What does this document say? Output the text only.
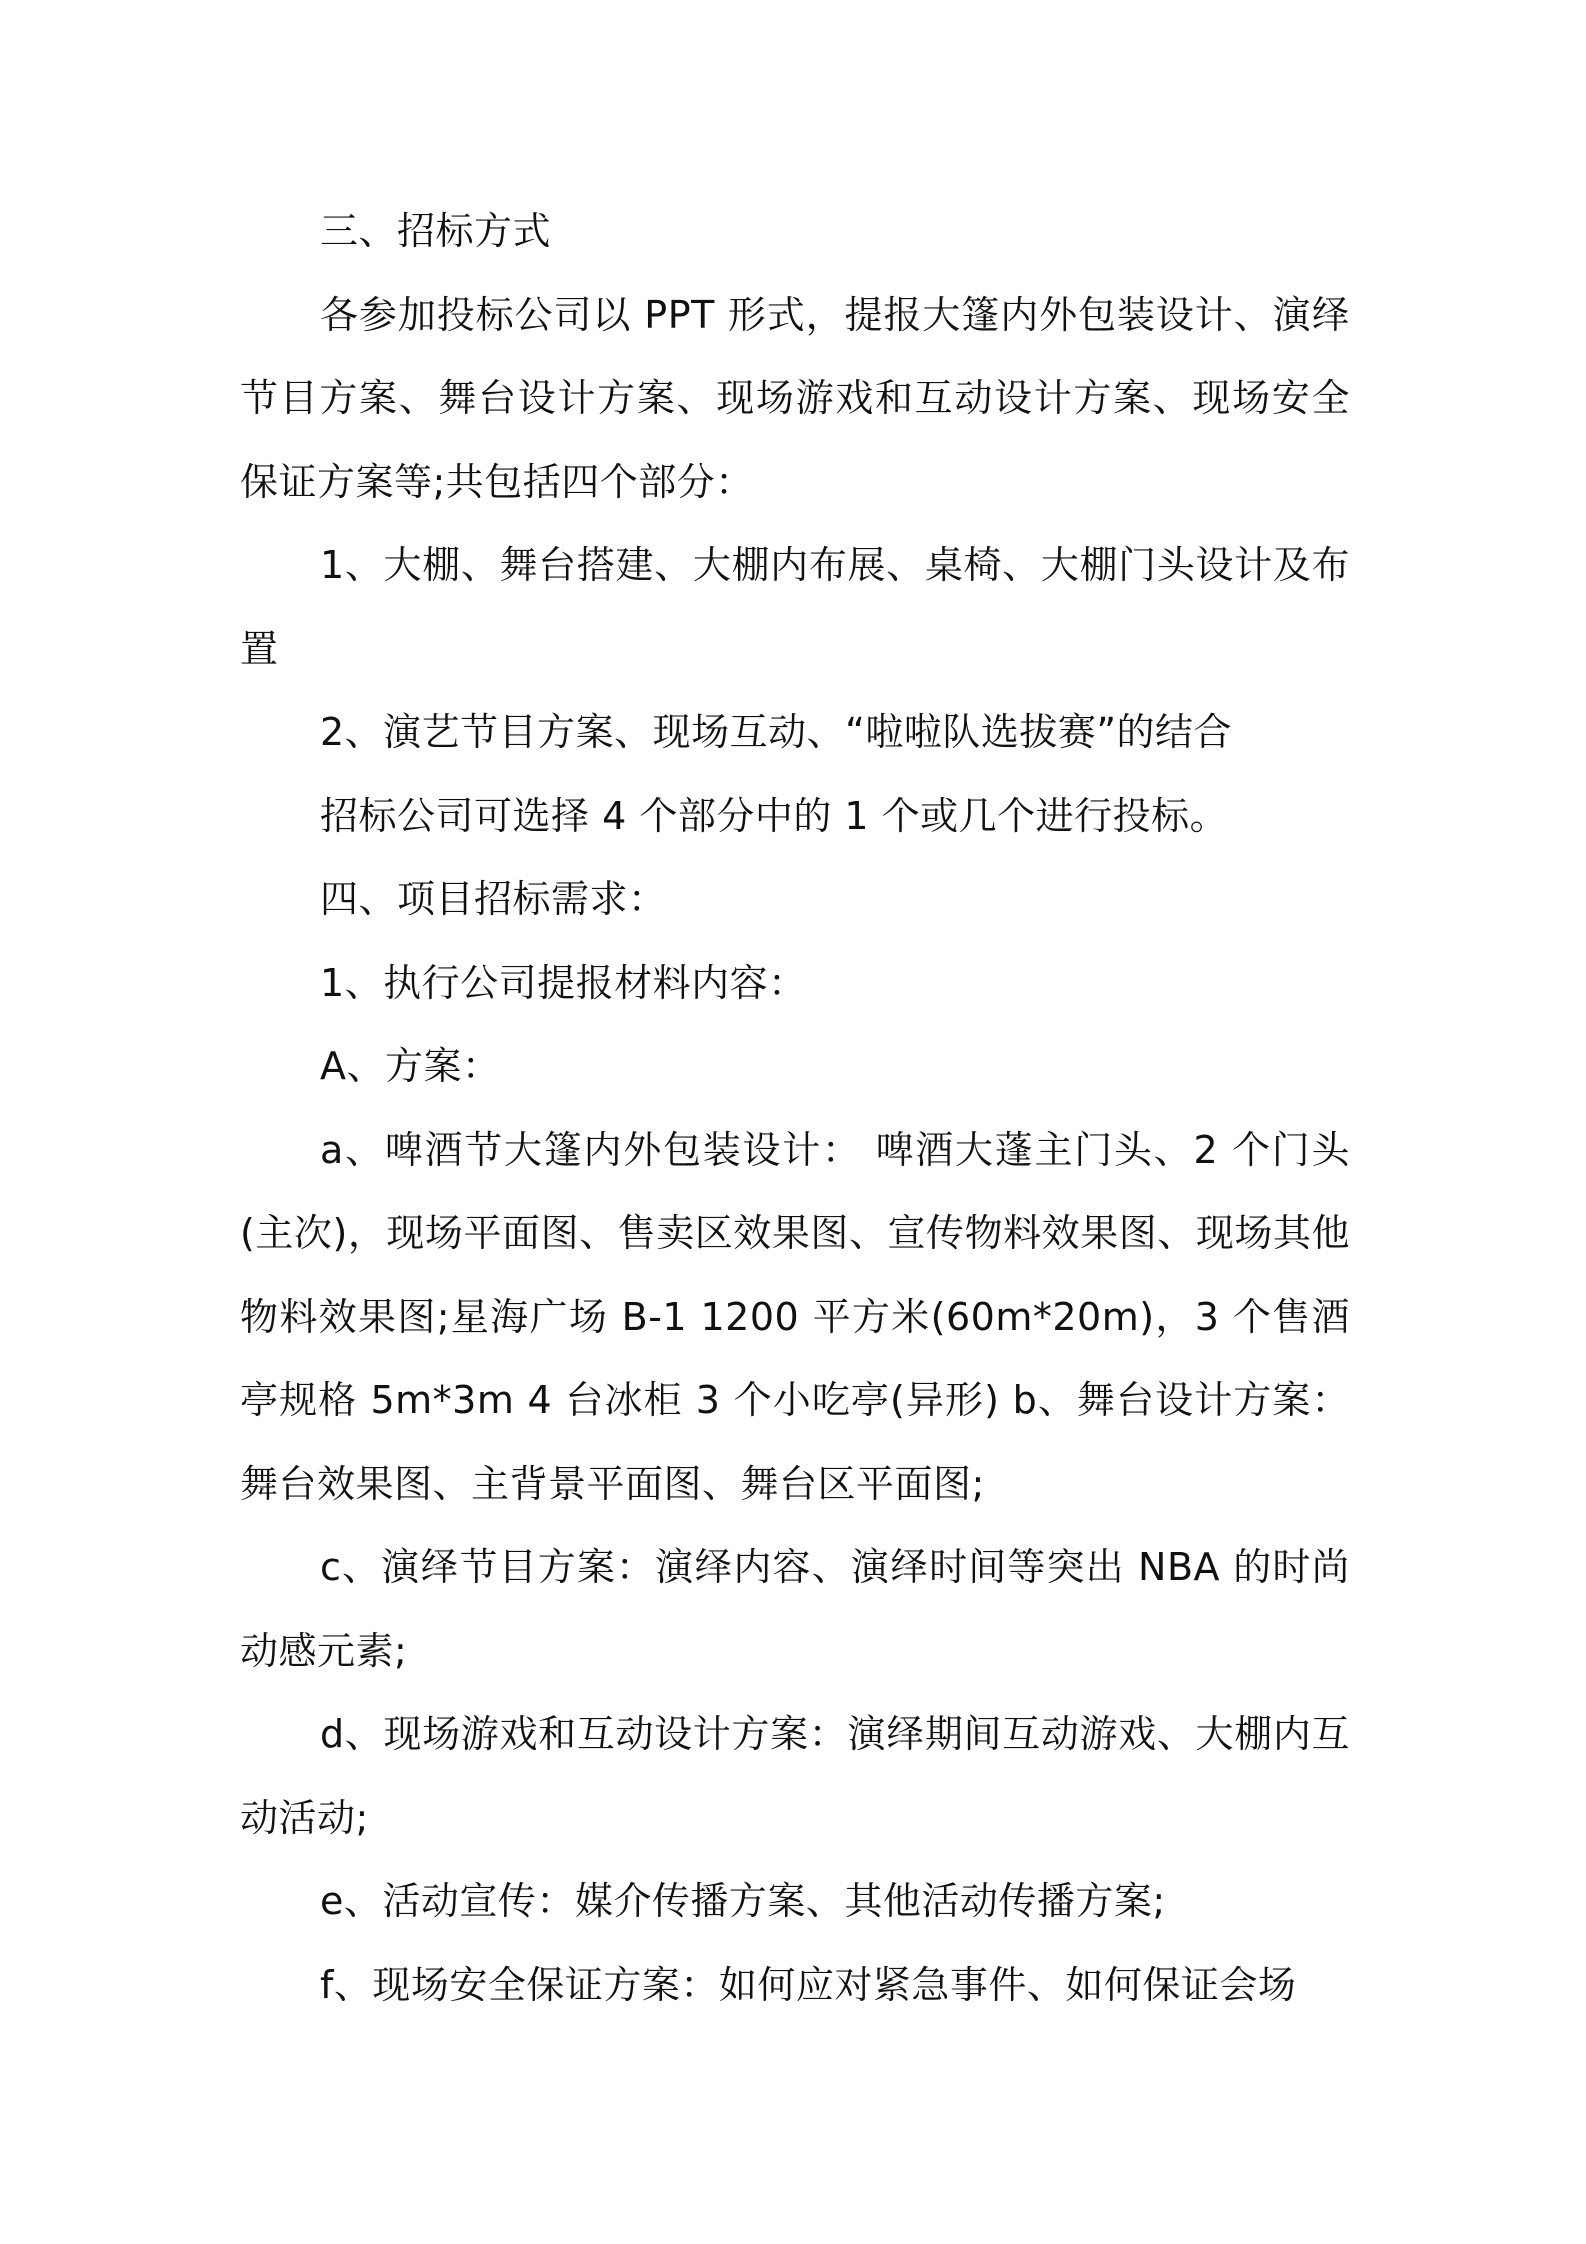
三、招标方式

各参加投标公司以 PPT 形式，提报大篷内外包装设计、演绎节目方案、舞台设计方案、现场游戏和互动设计方案、现场安全保证方案等;共包括四个部分：

1、大棚、舞台搭建、大棚内布展、桌椅、大棚门头设计及布置

2、演艺节目方案、现场互动、“啦啦队选拔赛”的结合

招标公司可选择 4 个部分中的 1 个或几个进行投标。

四、项目招标需求：

1、执行公司提报材料内容：

A、方案：

a、啤酒节大篷内外包装设计： 啤酒大蓬主门头、2 个门头(主次)，现场平面图、售卖区效果图、宣传物料效果图、现场其他物料效果图;星海广场 B-1 1200 平方米(60m*20m)，3 个售酒亭规格 5m*3m 4 台冰柜 3 个小吃亭(异形) b、舞台设计方案：舞台效果图、主背景平面图、舞台区平面图;

c、演绎节目方案：演绎内容、演绎时间等突出 NBA 的时尚动感元素;

d、现场游戏和互动设计方案：演绎期间互动游戏、大棚内互动活动;

e、活动宣传：媒介传播方案、其他活动传播方案;

f、现场安全保证方案：如何应对紧急事件、如何保证会场
